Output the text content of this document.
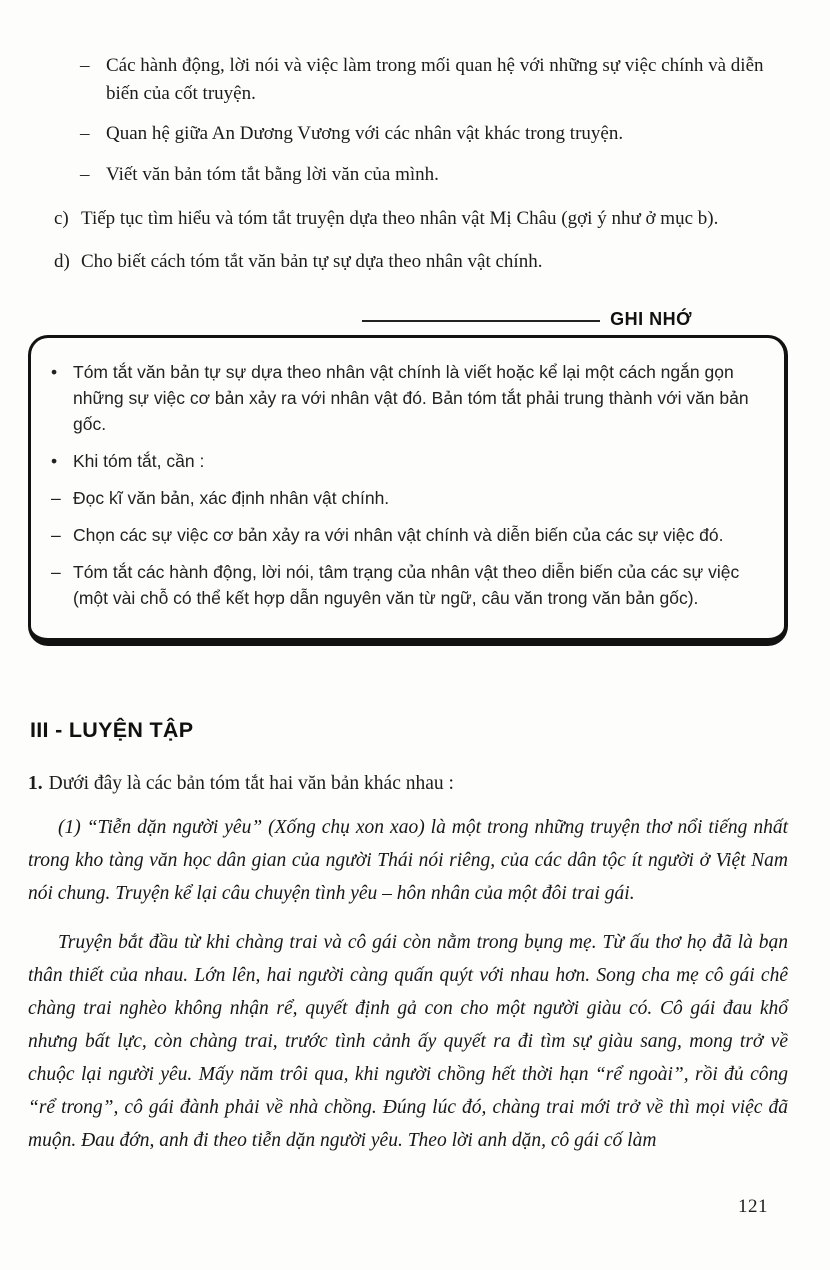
– Các hành động, lời nói và việc làm trong mối quan hệ với những sự việc chính và diễn biến của cốt truyện.
– Quan hệ giữa An Dương Vương với các nhân vật khác trong truyện.
– Viết văn bản tóm tắt bằng lời văn của mình.
c) Tiếp tục tìm hiểu và tóm tắt truyện dựa theo nhân vật Mị Châu (gợi ý như ở mục b).
d) Cho biết cách tóm tắt văn bản tự sự dựa theo nhân vật chính.
GHI NHỚ
• Tóm tắt văn bản tự sự dựa theo nhân vật chính là viết hoặc kể lại một cách ngắn gọn những sự việc cơ bản xảy ra với nhân vật đó. Bản tóm tắt phải trung thành với văn bản gốc.
• Khi tóm tắt, cần :
– Đọc kĩ văn bản, xác định nhân vật chính.
– Chọn các sự việc cơ bản xảy ra với nhân vật chính và diễn biến của các sự việc đó.
– Tóm tắt các hành động, lời nói, tâm trạng của nhân vật theo diễn biến của các sự việc (một vài chỗ có thể kết hợp dẫn nguyên văn từ ngữ, câu văn trong văn bản gốc).
III - LUYỆN TẬP

1. Dưới đây là các bản tóm tắt hai văn bản khác nhau :

(1) “Tiễn dặn người yêu” (Xống chụ xon xao) là một trong những truyện thơ nổi tiếng nhất trong kho tàng văn học dân gian của người Thái nói riêng, của các dân tộc ít người ở Việt Nam nói chung. Truyện kể lại câu chuyện tình yêu – hôn nhân của một đôi trai gái.

Truyện bắt đầu từ khi chàng trai và cô gái còn nằm trong bụng mẹ. Từ ấu thơ họ đã là bạn thân thiết của nhau. Lớn lên, hai người càng quấn quýt với nhau hơn. Song cha mẹ cô gái chê chàng trai nghèo không nhận rể, quyết định gả con cho một người giàu có. Cô gái đau khổ nhưng bất lực, còn chàng trai, trước tình cảnh ấy quyết ra đi tìm sự giàu sang, mong trở về chuộc lại người yêu. Mấy năm trôi qua, khi người chồng hết thời hạn “rể ngoài”, rồi đủ công “rể trong”, cô gái đành phải về nhà chồng. Đúng lúc đó, chàng trai mới trở về thì mọi việc đã muộn. Đau đớn, anh đi theo tiễn dặn người yêu. Theo lời anh dặn, cô gái cố làm

121
